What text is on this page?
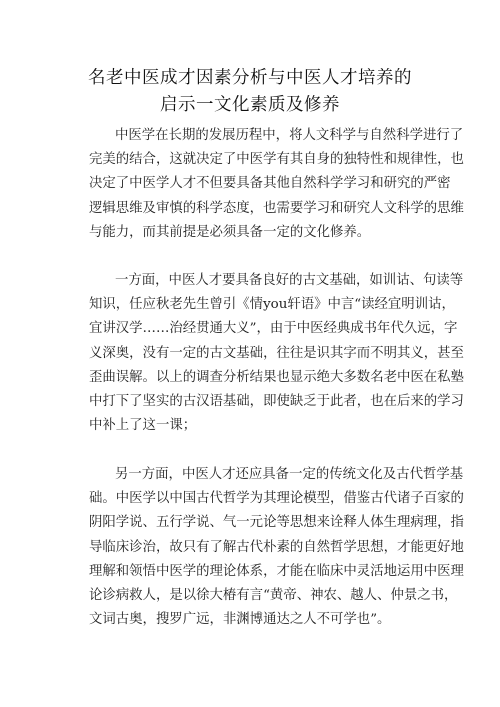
名老中医成才因素分析与中医人才培养的
启示一文化素质及修养
中医学在长期的发展历程中，将人文科学与自然科学进行了
完美的结合，这就决定了中医学有其自身的独特性和规律性，也
决定了中医学人才不但要具备其他自然科学学习和研究的严密
逻辑思维及审慎的科学态度，也需要学习和研究人文科学的思维
与能力，而其前提是必须具备一定的文化修养。
一方面，中医人才要具备良好的古文基础，如训诂、句读等
知识，任应秋老先生曾引《情you轩语》中言“读经宜明训诂，
宜讲汉学……治经贯通大义”，由于中医经典成书年代久远，字
义深奥，没有一定的古文基础，往往是识其字而不明其义，甚至
歪曲误解。以上的调查分析结果也显示绝大多数名老中医在私塾
中打下了坚实的古汉语基础，即使缺乏于此者，也在后来的学习
中补上了这一课；
另一方面，中医人才还应具备一定的传统文化及古代哲学基
础。中医学以中国古代哲学为其理论模型，借鉴古代诸子百家的
阴阳学说、五行学说、气一元论等思想来诠释人体生理病理，指
导临床诊治，故只有了解古代朴素的自然哲学思想，才能更好地
理解和领悟中医学的理论体系，才能在临床中灵活地运用中医理
论诊病救人，是以徐大椿有言“黄帝、神农、越人、仲景之书，
文词古奥，搜罗广远，非渊博通达之人不可学也”。
